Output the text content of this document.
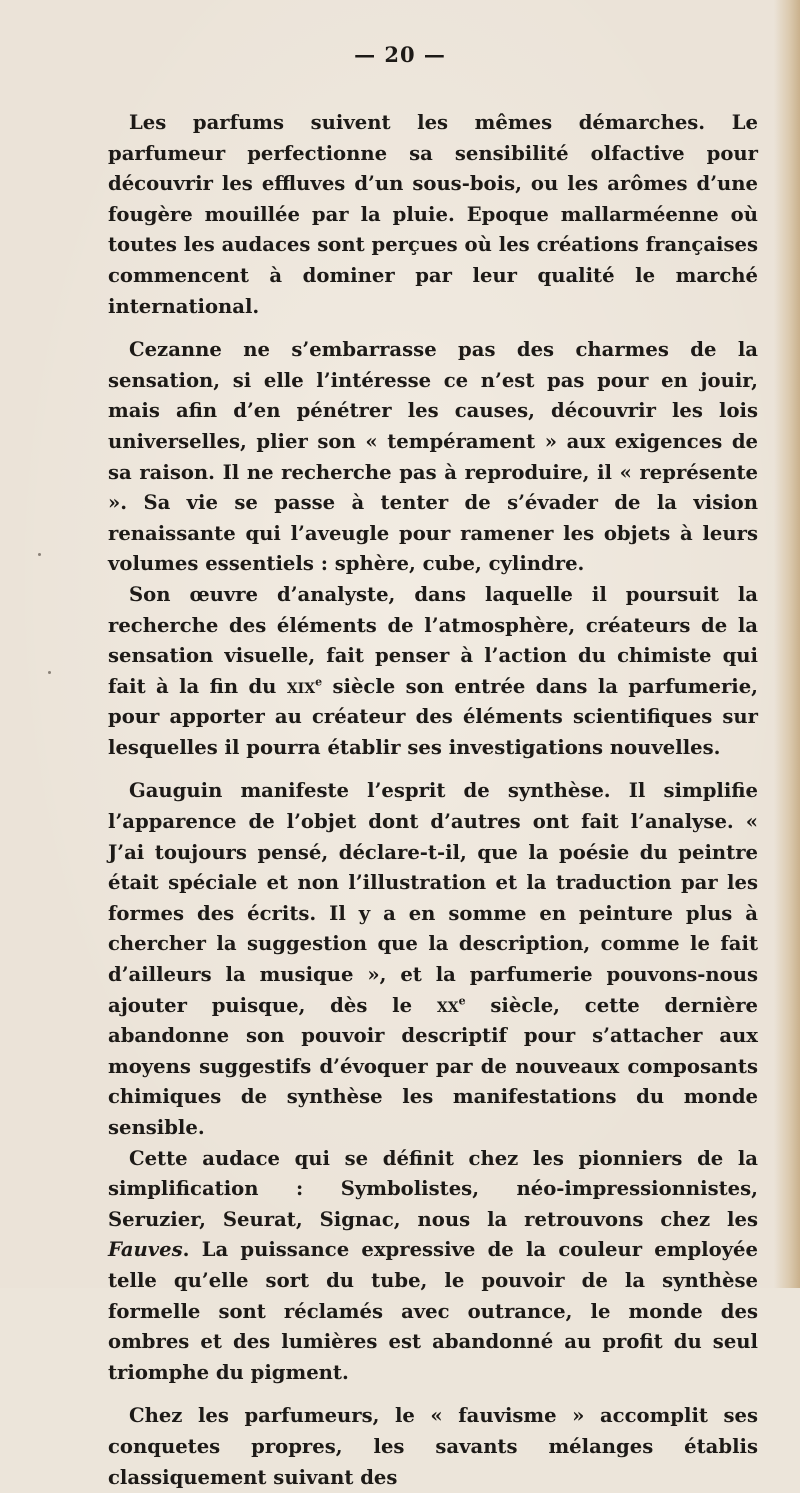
— 20 —

Les parfums suivent les mêmes démarches. Le parfumeur perfectionne sa sensibilité olfactive pour découvrir les effluves d’un sous-bois, ou les arômes d’une fougère mouillée par la pluie. Epoque mallarméenne où toutes les audaces sont perçues où les créations françaises commencent à dominer par leur qualité le marché international.

Cezanne ne s’embarrasse pas des charmes de la sensation, si elle l’intéresse ce n’est pas pour en jouir, mais afin d’en pénétrer les causes, découvrir les lois universelles, plier son « tempérament » aux exigences de sa raison. Il ne recherche pas à reproduire, il « représente ». Sa vie se passe à tenter de s’évader de la vision renaissante qui l’aveugle pour ramener les objets à leurs volumes essentiels : sphère, cube, cylindre.

Son œuvre d’analyste, dans laquelle il poursuit la recherche des éléments de l’atmosphère, créateurs de la sensation visuelle, fait penser à l’action du chimiste qui fait à la fin du xix$^e$ siècle son entrée dans la parfumerie, pour apporter au créateur des éléments scientifiques sur lesquelles il pourra établir ses investigations nouvelles.

Gauguin manifeste l’esprit de synthèse. Il simplifie l’apparence de l’objet dont d’autres ont fait l’analyse. « J’ai toujours pensé, déclare-t-il, que la poésie du peintre était spéciale et non l’illustration et la traduction par les formes des écrits. Il y a en somme en peinture plus à chercher la suggestion que la description, comme le fait d’ailleurs la musique », et la parfumerie pouvons-nous ajouter puisque, dès le $xx^e$ siècle, cette dernière abandonne son pouvoir descriptif pour s’attacher aux moyens suggestifs d’évoquer par de nouveaux composants chimiques de synthèse les manifestations du monde sensible.

Cette audace qui se définit chez les pionniers de la simplification : Symbolistes, néo-impressionnistes, Seruzier, Seurat, Signac, nous la retrouvons chez les Fauves. La puissance expressive de la couleur employée telle qu’elle sort du tube, le pouvoir de la synthèse formelle sont réclamés avec outrance, le monde des ombres et des lumières est abandonné au profit du seul triomphe du pigment.

Chez les parfumeurs, le « fauvisme » accomplit ses conquetes propres, les savants mélanges établis classiquement suivant des
